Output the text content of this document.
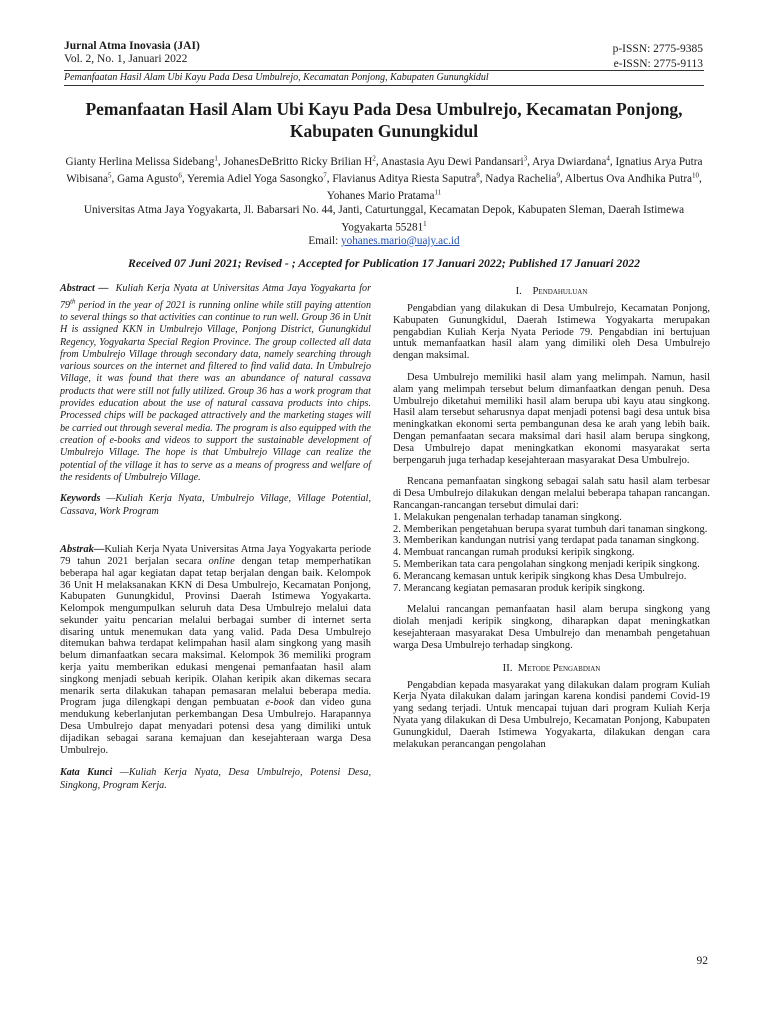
Jurnal Atma Inovasia (JAI)
Vol. 2, No. 1, Januari 2022
p-ISSN: 2775-9385
e-ISSN: 2775-9113
Pemanfaatan Hasil Alam Ubi Kayu Pada Desa Umbulrejo, Kecamatan Ponjong, Kabupaten Gunungkidul
Pemanfaatan Hasil Alam Ubi Kayu Pada Desa Umbulrejo, Kecamatan Ponjong, Kabupaten Gunungkidul
Gianty Herlina Melissa Sidebang$^1$, JohanesDeBritto Ricky Brilian $H^2$, Anastasia Ayu Dewi Pandansari$^3$, Arya Dwiardana$^4$, Ignatius Arya Putra Wibisana$^5$, Gama Agusto$^6$, Yeremia Adiel Yoga Sasongko$^7$, Flavianus Aditya Riesta Saputra$^8$, Nadya Rachelia$^9$, Albertus Ova Andhika Putra$^{10}$, Yohanes Mario Pratama$^{11}$
Universitas Atma Jaya Yogyakarta, Jl. Babarsari No. 44, Janti, Caturtunggal, Kecamatan Depok, Kabupaten Sleman, Daerah Istimewa Yogyakarta 55281$^1$
Email: yohanes.mario@uajy.ac.id
Received 07 Juni 2021; Revised - ; Accepted for Publication 17 Januari 2022; Published 17 Januari 2022

Abstract — Kuliah Kerja Nyata at Universitas Atma Jaya Yogyakarta for 79th period in the year of 2021 is running online while still paying attention to several things so that activities can continue to run well. Group 36 in Unit H is assigned KKN in Umbulrejo Village, Ponjong District, Gunungkidul Regency, Yogyakarta Special Region Province. The group collected all data from Umbulrejo Village through secondary data, namely searching through various sources on the internet and filtered to find valid data. In Umbulrejo Village, it was found that there was an abundance of natural cassava products that were still not fully utilized. Group 36 has a work program that provides education about the use of natural cassava products into chips. Processed chips will be packaged attractively and the marketing stages will be carried out through several media. The program is also equipped with the creation of e-books and videos to support the sustainable development of Umbulrejo Village. The hope is that Umbulrejo Village can realize the potential of the village it has to serve as a means of progress and welfare of the residents of Umbulrejo Village.

Keywords —Kuliah Kerja Nyata, Umbulrejo Village, Village Potential, Cassava, Work Program

Abstrak—Kuliah Kerja Nyata Universitas Atma Jaya Yogyakarta periode 79 tahun 2021 berjalan secara online dengan tetap memperhatikan beberapa hal agar kegiatan dapat tetap berjalan dengan baik. Kelompok 36 Unit H melaksanakan KKN di Desa Umbulrejo, Kecamatan Ponjong, Kabupaten Gunungkidul, Provinsi Daerah Istimewa Yogyakarta. Kelompok mengumpulkan seluruh data Desa Umbulrejo melalui data sekunder yaitu pencarian melalui berbagai sumber di internet serta disaring untuk menemukan data yang valid. Pada Desa Umbulrejo ditemukan bahwa terdapat kelimpahan hasil alam singkong yang masih belum dimanfaatkan secara maksimal. Kelompok 36 memiliki program kerja yaitu memberikan edukasi mengenai pemanfaatan hasil alam singkong menjadi sebuah keripik. Olahan keripik akan dikemas secara menarik serta dilakukan tahapan pemasaran melalui beberapa media. Program juga dilengkapi dengan pembuatan e-book dan video guna mendukung keberlanjutan perkembangan Desa Umbulrejo. Harapannya Desa Umbulrejo dapat menyadari potensi desa yang dimiliki untuk dijadikan sebagai sarana kemajuan dan kesejahteraan warga Desa Umbulrejo.

Kata Kunci —Kuliah Kerja Nyata, Desa Umbulrejo, Potensi Desa, Singkong, Program Kerja.

I. Pendahuluan

Pengabdian yang dilakukan di Desa Umbulrejo, Kecamatan Ponjong, Kabupaten Gunungkidul, Daerah Istimewa Yogyakarta merupakan pengabdian Kuliah Kerja Nyata Periode 79. Pengabdian ini bertujuan untuk memanfaatkan hasil alam yang dimiliki oleh Desa Umbulrejo dengan maksimal.

Desa Umbulrejo memiliki hasil alam yang melimpah. Namun, hasil alam yang melimpah tersebut belum dimanfaatkan dengan penuh. Desa Umbulrejo diketahui memiliki hasil alam berupa ubi kayu atau singkong. Hasil alam tersebut seharusnya dapat menjadi potensi bagi desa untuk bisa meningkatkan ekonomi serta pembangunan desa ke arah yang lebih baik. Dengan pemanfaatan secara maksimal dari hasil alam berupa singkong, Desa Umbulrejo dapat meningkatkan ekonomi masyarakat serta berpengaruh juga terhadap kesejahteraan masyarakat Desa Umbulrejo.

Rencana pemanfaatan singkong sebagai salah satu hasil alam terbesar di Desa Umbulrejo dilakukan dengan melalui beberapa tahapan rancangan. Rancangan-rancangan tersebut dimulai dari:

1. Melakukan pengenalan terhadap tanaman singkong.
2. Memberikan pengetahuan berupa syarat tumbuh dari tanaman singkong.
3. Memberikan kandungan nutrisi yang terdapat pada tanaman singkong.
4. Membuat rancangan rumah produksi keripik singkong.
5. Memberikan tata cara pengolahan singkong menjadi keripik singkong.
6. Merancang kemasan untuk keripik singkong khas Desa Umbulrejo.
7. Merancang kegiatan pemasaran produk keripik singkong.

Melalui rancangan pemanfaatan hasil alam berupa singkong yang diolah menjadi keripik singkong, diharapkan dapat meningkatkan kesejahteraan masyarakat Desa Umbulrejo dan menambah pengetahuan warga Desa Umbulrejo terhadap singkong.

II. Metode Pengabdian

Pengabdian kepada masyarakat yang dilakukan dalam program Kuliah Kerja Nyata dilakukan dalam jaringan karena kondisi pandemi Covid-19 yang sedang terjadi. Untuk mencapai tujuan dari program Kuliah Kerja Nyata yang dilakukan di Desa Umbulrejo, Kecamatan Ponjong, Kabupaten Gunungkidul, Daerah Istimewa Yogyakarta, dilakukan dengan cara melakukan perancangan pengolahan

92
